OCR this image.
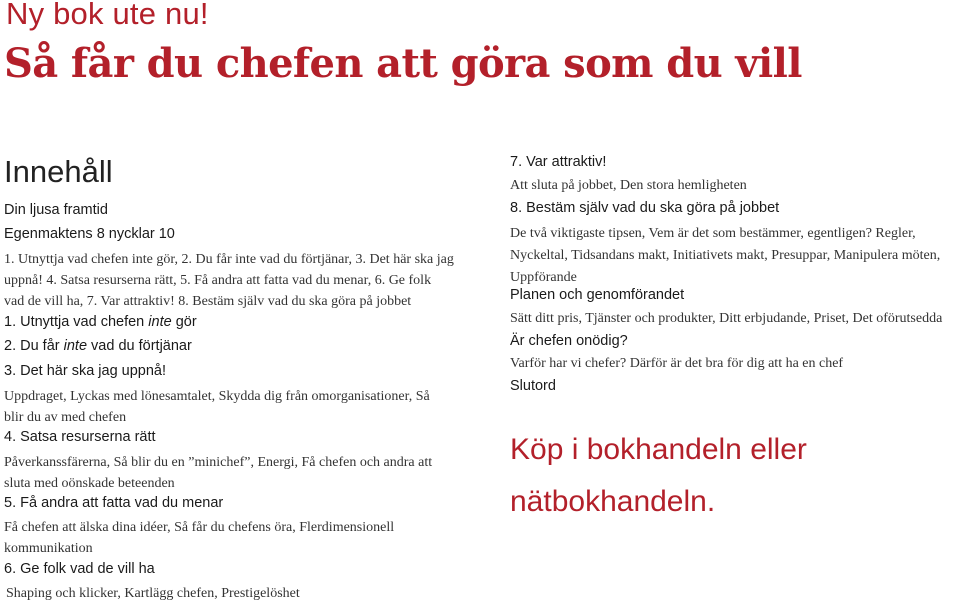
Ny bok ute nu!
Så får du chefen att göra som du vill
Innehåll
Din ljusa framtid
Egenmaktens 8 nycklar 10
1. Utnyttja vad chefen inte gör, 2. Du får inte vad du förtjänar, 3. Det här ska jag uppnå! 4. Satsa resurserna rätt, 5. Få andra att fatta vad du menar, 6. Ge folk vad de vill ha, 7. Var attraktiv! 8. Bestäm själv vad du ska göra på jobbet
1. Utnyttja vad chefen inte gör
2. Du får inte vad du förtjänar
3. Det här ska jag uppnå!
Uppdraget, Lyckas med lönesamtalet, Skydda dig från omorganisationer, Så blir du av med chefen
4. Satsa resurserna rätt
Påverkanssfärerna, Så blir du en ”minichef”, Energi, Få chefen och andra att sluta med oönskade beteenden
5. Få andra att fatta vad du menar
Få chefen att älska dina idéer, Så får du chefens öra, Flerdimensionell kommunikation
6. Ge folk vad de vill ha
Shaping och klicker, Kartlägg chefen, Prestigelöshet
7. Var attraktiv!
Att sluta på jobbet, Den stora hemligheten
8. Bestäm själv vad du ska göra på jobbet
De två viktigaste tipsen, Vem är det som bestämmer, egentligen? Regler, Nyckeltal, Tidsandans makt, Initiativets makt, Presuppar, Manipulera möten, Uppförande
Planen och genomförandet
Sätt ditt pris, Tjänster och produkter, Ditt erbjudande, Priset, Det oförutsedda
Är chefen onödig?
Varför har vi chefer? Därför är det bra för dig att ha en chef
Slutord
Köp i bokhandeln eller nätbokhandeln.
